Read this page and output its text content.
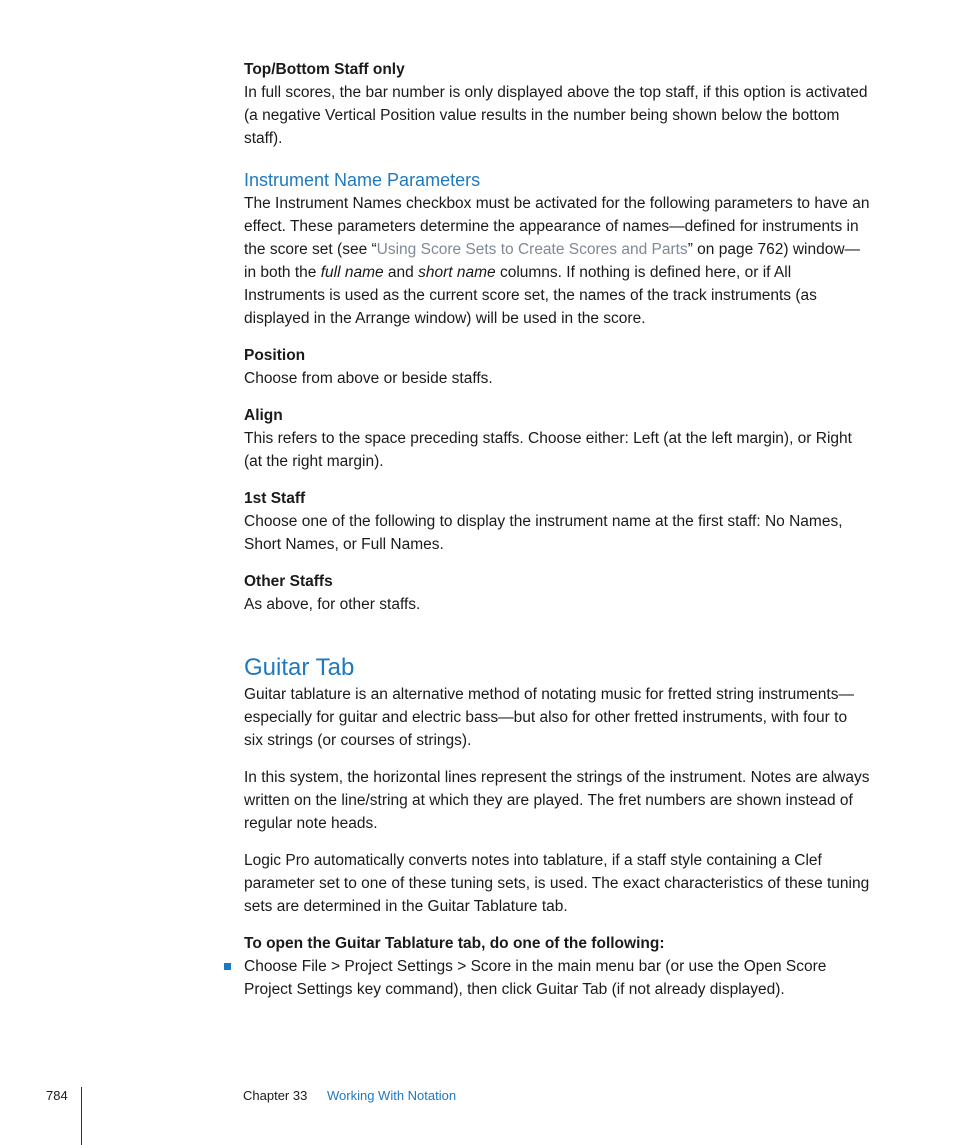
Top/Bottom Staff only

In full scores, the bar number is only displayed above the top staff, if this option is activated (a negative Vertical Position value results in the number being shown below the bottom staff).

Instrument Name Parameters

The Instrument Names checkbox must be activated for the following parameters to have an effect. These parameters determine the appearance of names—defined for instruments in the score set (see “Using Score Sets to Create Scores and Parts” on page 762) window—in both the full name and short name columns. If nothing is defined here, or if All Instruments is used as the current score set, the names of the track instruments (as displayed in the Arrange window) will be used in the score.

Position

Choose from above or beside staffs.

Align

This refers to the space preceding staffs. Choose either: Left (at the left margin), or Right (at the right margin).

1st Staff

Choose one of the following to display the instrument name at the first staff: No Names, Short Names, or Full Names.

Other Staffs

As above, for other staffs.

Guitar Tab

Guitar tablature is an alternative method of notating music for fretted string instruments—especially for guitar and electric bass—but also for other fretted instruments, with four to six strings (or courses of strings).

In this system, the horizontal lines represent the strings of the instrument. Notes are always written on the line/string at which they are played. The fret numbers are shown instead of regular note heads.

Logic Pro automatically converts notes into tablature, if a staff style containing a Clef parameter set to one of these tuning sets, is used. The exact characteristics of these tuning sets are determined in the Guitar Tablature tab.

To open the Guitar Tablature tab, do one of the following:

Choose File > Project Settings > Score in the main menu bar (or use the Open Score Project Settings key command), then click Guitar Tab (if not already displayed).

784	Chapter 33 Working With Notation
